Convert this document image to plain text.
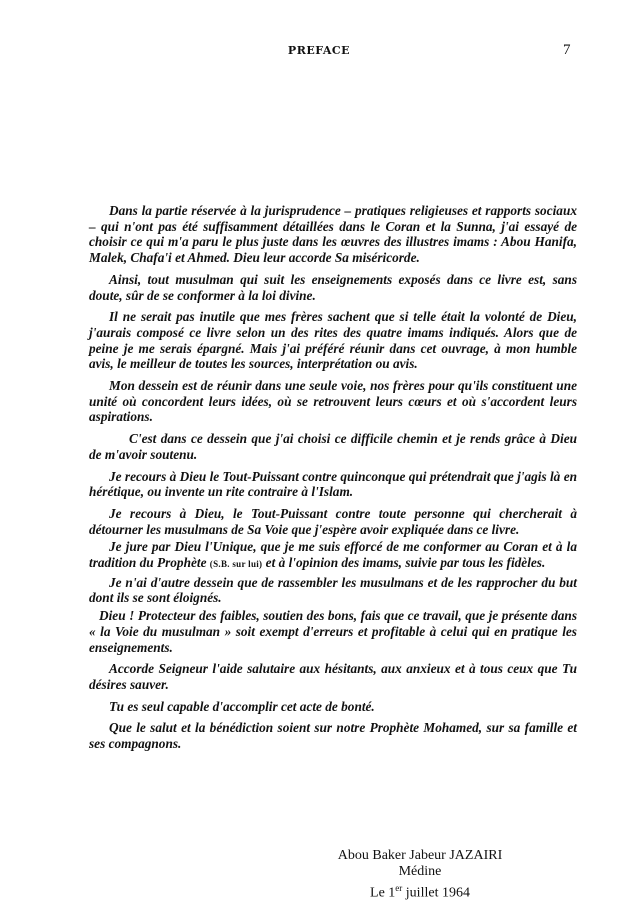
PREFACE	7

Dans la partie réservée à la jurisprudence – pratiques religieuses et rapports sociaux – qui n'ont pas été suffisamment détaillées dans le Coran et la Sunna, j'ai essayé de choisir ce qui m'a paru le plus juste dans les œuvres des illustres imams : Abou Hanifa, Malek, Chafa'i et Ahmed. Dieu leur accorde Sa miséricorde.

Ainsi, tout musulman qui suit les enseignements exposés dans ce livre est, sans doute, sûr de se conformer à la loi divine.

Il ne serait pas inutile que mes frères sachent que si telle était la volonté de Dieu, j'aurais composé ce livre selon un des rites des quatre imams indiqués. Alors que de peine je me serais épargné. Mais j'ai préféré réunir dans cet ouvrage, à mon humble avis, le meilleur de toutes les sources, interprétation ou avis.

Mon dessein est de réunir dans une seule voie, nos frères pour qu'ils constituent une unité où concordent leurs idées, où se retrouvent leurs cœurs et où s'accordent leurs aspirations.

C'est dans ce dessein que j'ai choisi ce difficile chemin et je rends grâce à Dieu de m'avoir soutenu.

Je recours à Dieu le Tout-Puissant contre quinconque qui prétendrait que j'agis là en hérétique, ou invente un rite contraire à l'Islam.

Je recours à Dieu, le Tout-Puissant contre toute personne qui chercherait à détourner les musulmans de Sa Voie que j'espère avoir expliquée dans ce livre.

Je jure par Dieu l'Unique, que je me suis efforcé de me conformer au Coran et à la tradition du Prophète (S.B. sur lui) et à l'opinion des imams, suivie par tous les fidèles.

Je n'ai d'autre dessein que de rassembler les musulmans et de les rapprocher du but dont ils se sont éloignés.

Dieu ! Protecteur des faibles, soutien des bons, fais que ce travail, que je présente dans « la Voie du musulman » soit exempt d'erreurs et profitable à celui qui en pratique les enseignements.

Accorde Seigneur l'aide salutaire aux hésitants, aux anxieux et à tous ceux que Tu désires sauver.

Tu es seul capable d'accomplir cet acte de bonté.

Que le salut et la bénédiction soient sur notre Prophète Mohamed, sur sa famille et ses compagnons.

Abou Baker Jabeur JAZAIRI
Médine
Le 1er juillet 1964
